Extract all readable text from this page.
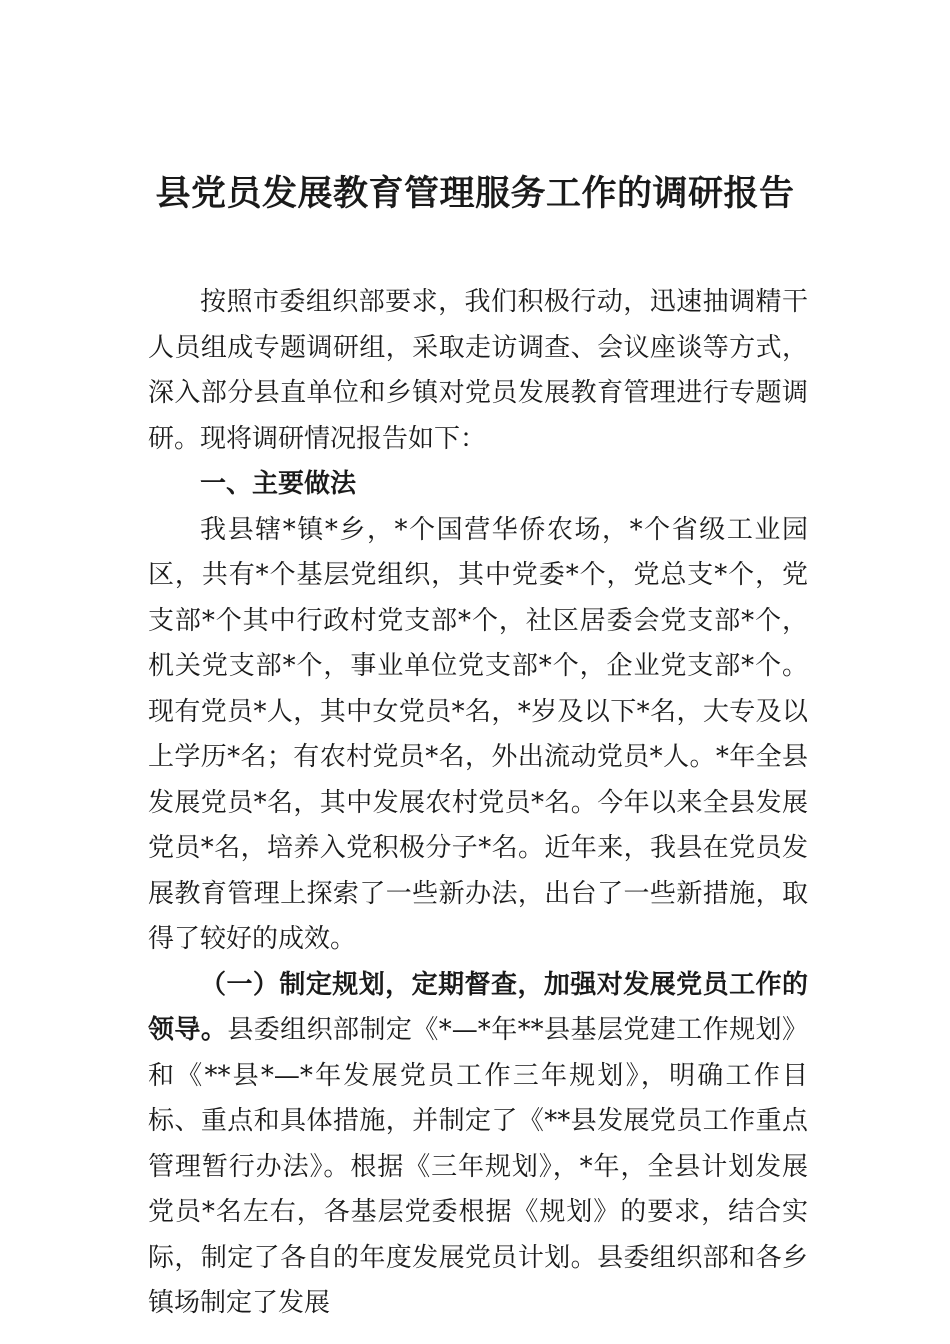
县党员发展教育管理服务工作的调研报告

按照市委组织部要求，我们积极行动，迅速抽调精干人员组成专题调研组，采取走访调查、会议座谈等方式，深入部分县直单位和乡镇对党员发展教育管理进行专题调研。现将调研情况报告如下：

一、主要做法

我县辖*镇*乡，*个国营华侨农场，*个省级工业园区，共有*个基层党组织，其中党委*个，党总支*个，党支部*个其中行政村党支部*个，社区居委会党支部*个，机关党支部*个，事业单位党支部*个，企业党支部*个。现有党员*人，其中女党员*名，*岁及以下*名，大专及以上学历*名；有农村党员*名，外出流动党员*人。*年全县发展党员*名，其中发展农村党员*名。今年以来全县发展党员*名，培养入党积极分子*名。近年来，我县在党员发展教育管理上探索了一些新办法，出台了一些新措施，取得了较好的成效。

（一）制定规划，定期督查，加强对发展党员工作的领导。县委组织部制定《*—*年**县基层党建工作规划》和《**县*—*年发展党员工作三年规划》，明确工作目标、重点和具体措施，并制定了《**县发展党员工作重点管理暂行办法》。根据《三年规划》，*年，全县计划发展党员*名左右，各基层党委根据《规划》的要求，结合实际，制定了各自的年度发展党员计划。县委组织部和各乡镇场制定了发展
